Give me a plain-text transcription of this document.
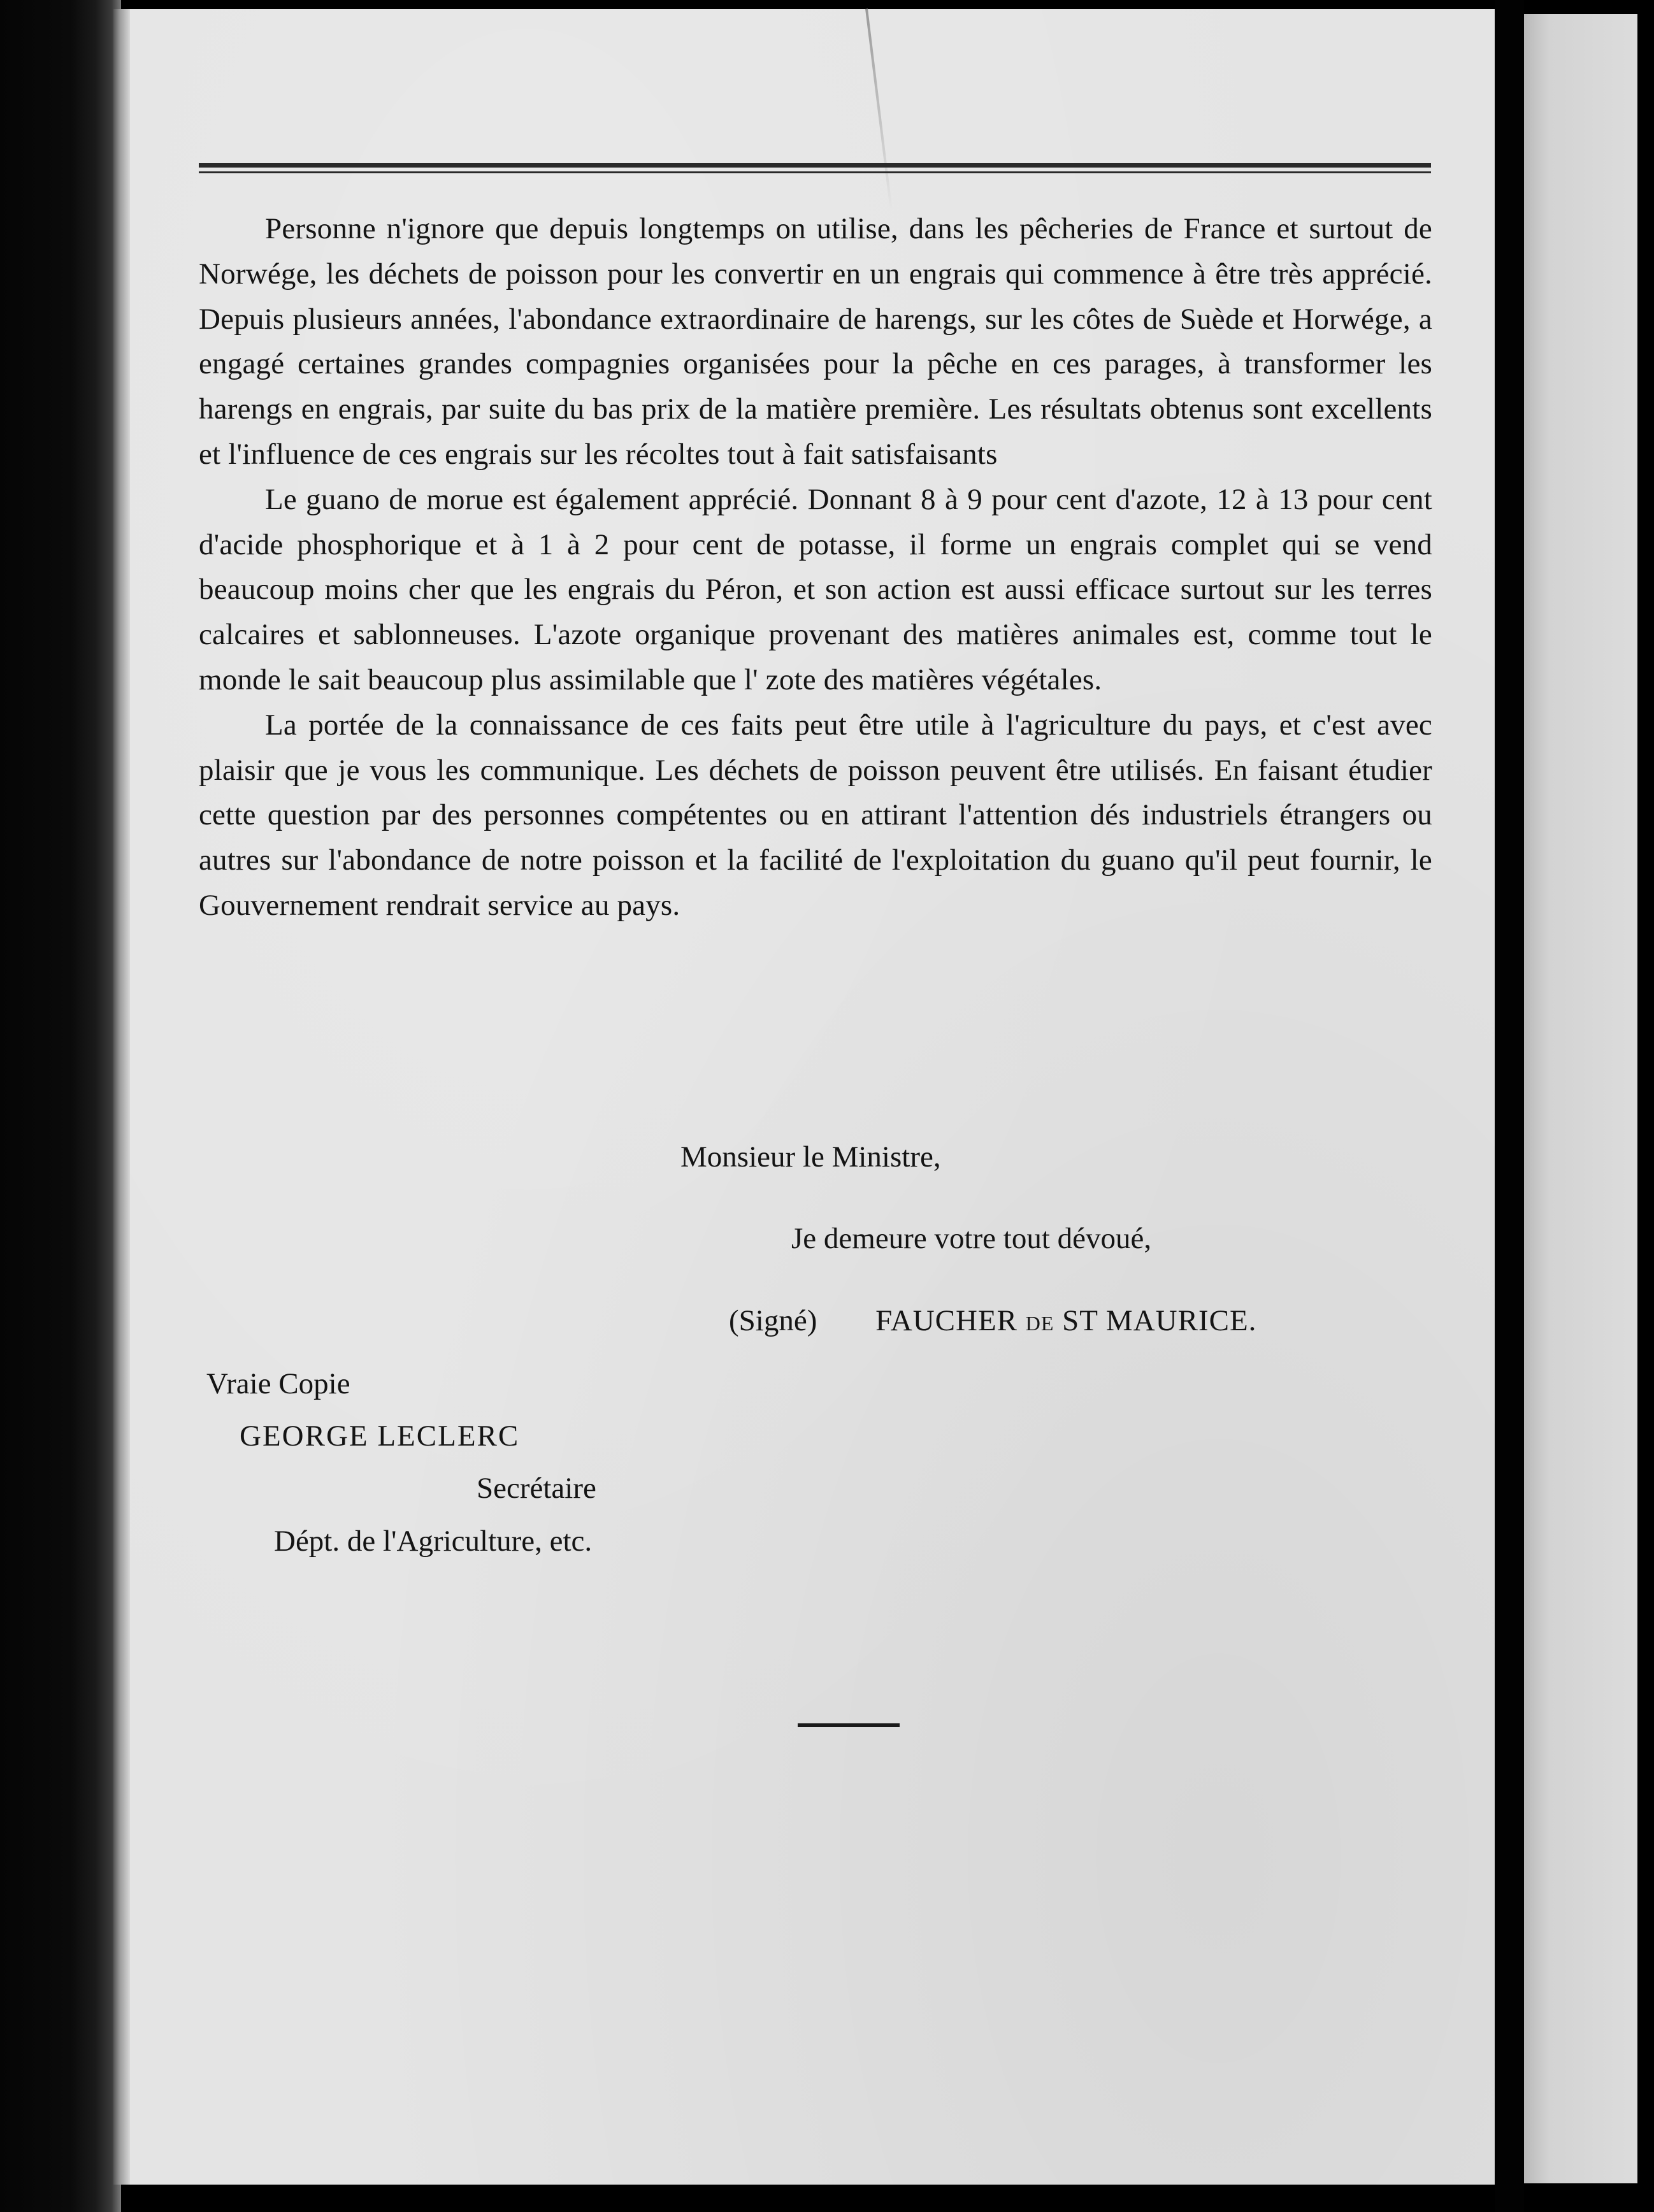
Personne n'ignore que depuis longtemps on utilise, dans les pêcheries de France et surtout de Norwége, les déchets de poisson pour les convertir en un engrais qui commence à être très apprécié. Depuis plusieurs années, l'abondance extraordinaire de harengs, sur les côtes de Suède et Horwége, a engagé certaines grandes compagnies organisées pour la pêche en ces parages, à transformer les harengs en engrais, par suite du bas prix de la matière première. Les résultats obtenus sont excellents et l'influence de ces engrais sur les récoltes tout à fait satisfaisants

Le guano de morue est également apprécié. Donnant 8 à 9 pour cent d'azote, 12 à 13 pour cent d'acide phosphorique et à 1 à 2 pour cent de potasse, il forme un engrais complet qui se vend beaucoup moins cher que les engrais du Péron, et son action est aussi efficace surtout sur les terres calcaires et sablonneuses. L'azote organique provenant des matières animales est, comme tout le monde le sait beaucoup plus assimilable que l' zote des matières végétales.

La portée de la connaissance de ces faits peut être utile à l'agriculture du pays, et c'est avec plaisir que je vous les communique. Les déchets de poisson peuvent être utilisés. En faisant étudier cette question par des personnes compétentes ou en attirant l'attention dés industriels étrangers ou autres sur l'abondance de notre poisson et la facilité de l'exploitation du guano qu'il peut fournir, le Gouvernement rendrait service au pays.

Monsieur le Ministre,
Je demeure votre tout dévoué,
(Signé) FAUCHER DE ST MAURICE.
Vraie Copie
GEORGE LECLERC
Secrétaire
Dépt. de l'Agriculture, etc.
